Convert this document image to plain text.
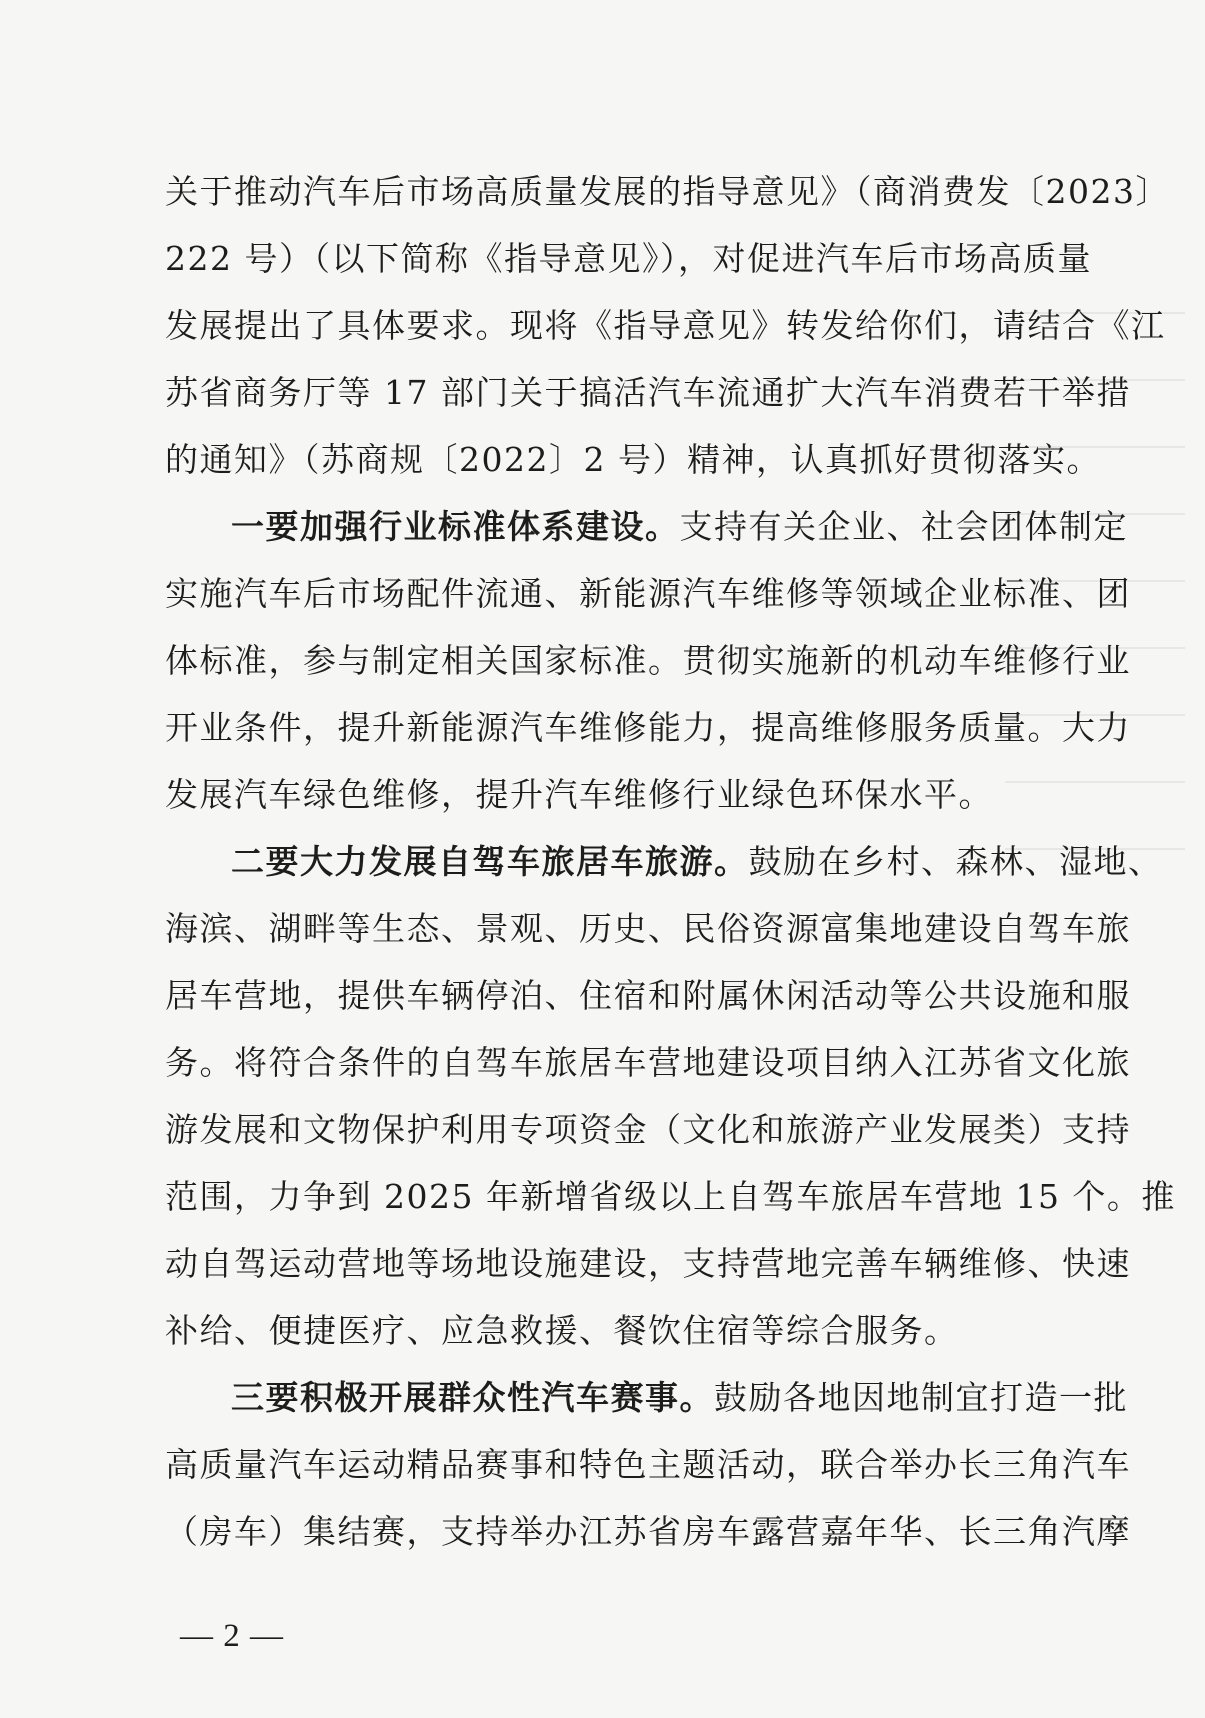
关于推动汽车后市场高质量发展的指导意见》（商消费发〔2023〕
222 号）（以下简称《指导意见》），对促进汽车后市场高质量
发展提出了具体要求。现将《指导意见》转发给你们，请结合《江
苏省商务厅等 17 部门关于搞活汽车流通扩大汽车消费若干举措
的通知》（苏商规〔2022〕2 号）精神，认真抓好贯彻落实。
一要加强行业标准体系建设。支持有关企业、社会团体制定
实施汽车后市场配件流通、新能源汽车维修等领域企业标准、团
体标准，参与制定相关国家标准。贯彻实施新的机动车维修行业
开业条件，提升新能源汽车维修能力，提高维修服务质量。大力
发展汽车绿色维修，提升汽车维修行业绿色环保水平。
二要大力发展自驾车旅居车旅游。鼓励在乡村、森林、湿地、
海滨、湖畔等生态、景观、历史、民俗资源富集地建设自驾车旅
居车营地，提供车辆停泊、住宿和附属休闲活动等公共设施和服
务。将符合条件的自驾车旅居车营地建设项目纳入江苏省文化旅
游发展和文物保护利用专项资金（文化和旅游产业发展类）支持
范围，力争到 2025 年新增省级以上自驾车旅居车营地 15 个。推
动自驾运动营地等场地设施建设，支持营地完善车辆维修、快速
补给、便捷医疗、应急救援、餐饮住宿等综合服务。
三要积极开展群众性汽车赛事。鼓励各地因地制宜打造一批
高质量汽车运动精品赛事和特色主题活动，联合举办长三角汽车
（房车）集结赛，支持举办江苏省房车露营嘉年华、长三角汽摩
— 2 —
